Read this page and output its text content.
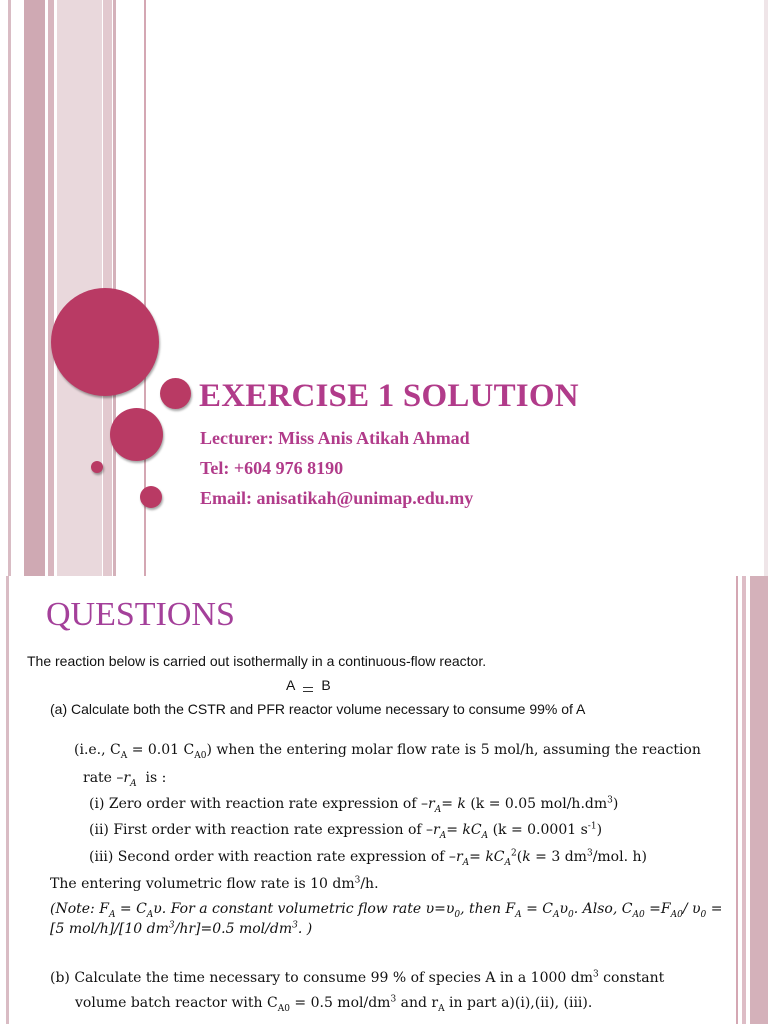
EXERCISE 1 SOLUTION
Lecturer: Miss Anis Atikah Ahmad
Tel: +604 976 8190
Email: anisatikah@unimap.edu.my
QUESTIONS
The reaction below is carried out isothermally in a continuous-flow reactor.
A B
(a) Calculate both the CSTR and PFR reactor volume necessary to consume 99% of A
(i.e., $C_A = 0.01$ $C_{A0}$) when the entering molar flow rate is 5 mol/h, assuming the reaction
rate $-r_A$  is :
(i) Zero order with reaction rate expression of $-r_A= k$ (k = 0.05 mol/$h.dm^3$)
(ii) First order with reaction rate expression of $-r_A= kC_A$ (k = 0.0001 $s^{-1}$)
(iii) Second order with reaction rate expression of $-r_A= kC_A^2(k = 3$ $dm^3$/mol. h)
The entering volumetric flow rate is 10 $dm^3/h$.
(Note: $F_A = C_A\upsilon$. For a constant volumetric flow rate $\upsilon=\upsilon_0$, then $F_A = C_A\upsilon_0$. Also, $C_{A0} =F_{A0}/$ $\upsilon_0$ =
[5 mol/h]/[10 $dm^3/hr]=0.5$ mol/$dm^3$. )
(b) Calculate the time necessary to consume 99 % of species A in a 1000 $dm^3$ constant
volume batch reactor with $C_{A0} = 0.5$ mol/$dm^3$ and $r_A$ in part a)(i),(ii), (iii).
